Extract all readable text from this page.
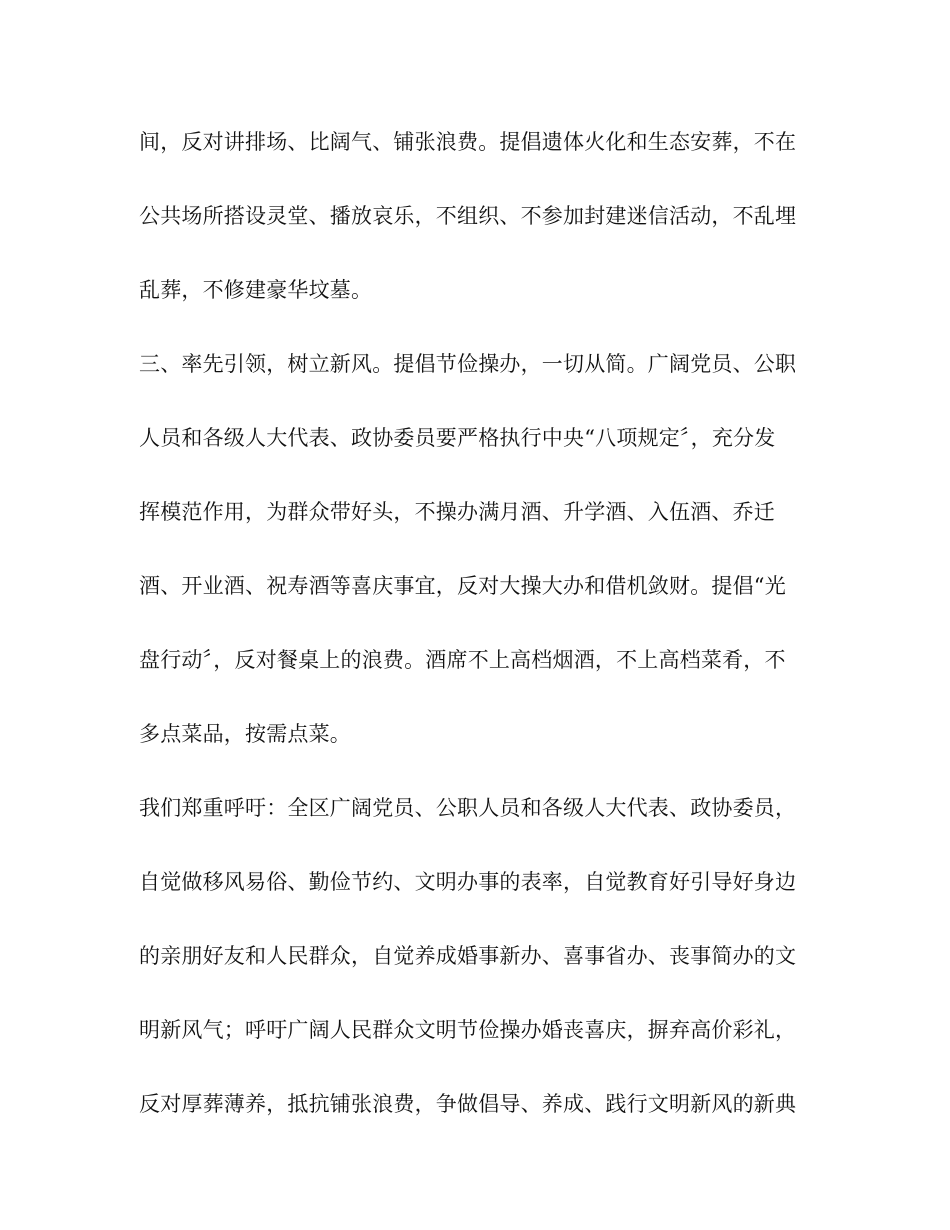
间，反对讲排场、比阔气、铺张浪费。提倡遗体火化和生态安葬，不在
公共场所搭设灵堂、播放哀乐，不组织、不参加封建迷信活动，不乱埋
乱葬，不修建豪华坟墓。
三、率先引领，树立新风。提倡节俭操办，一切从简。广阔党员、公职
人员和各级人大代表、政协委员要严格执行中央“八项规定〞，充分发
挥模范作用，为群众带好头，不操办满月酒、升学酒、入伍酒、乔迁
酒、开业酒、祝寿酒等喜庆事宜，反对大操大办和借机敛财。提倡“光
盘行动〞，反对餐桌上的浪费。酒席不上高档烟酒，不上高档菜肴，不
多点菜品，按需点菜。
我们郑重呼吁：全区广阔党员、公职人员和各级人大代表、政协委员，
自觉做移风易俗、勤俭节约、文明办事的表率，自觉教育好引导好身边
的亲朋好友和人民群众，自觉养成婚事新办、喜事省办、丧事简办的文
明新风气；呼吁广阔人民群众文明节俭操办婚丧喜庆，摒弃高价彩礼，
反对厚葬薄养，抵抗铺张浪费，争做倡导、养成、践行文明新风的新典
